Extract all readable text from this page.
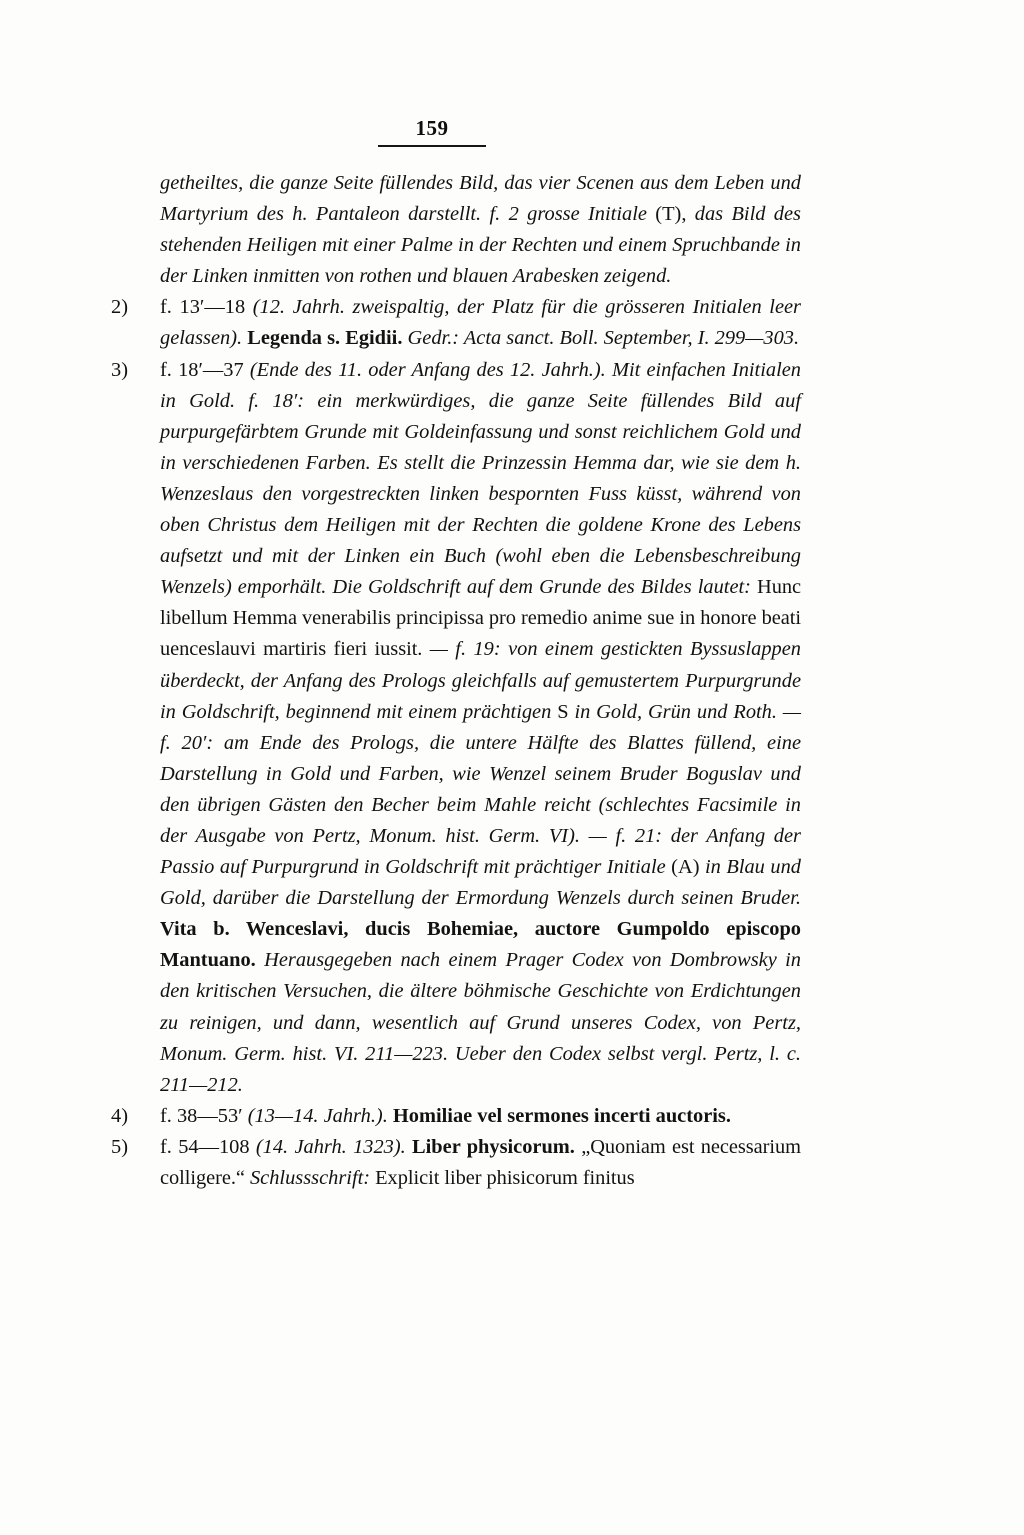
159

getheiltes, die ganze Seite füllendes Bild, das vier Scenen aus dem Leben und Martyrium des h. Pantaleon darstellt. f. 2 grosse Initiale (T), das Bild des stehenden Heiligen mit einer Palme in der Rechten und einem Spruchbande in der Linken inmitten von rothen und blauen Arabesken zeigend.

2)	f. 13′—18 (12. Jahrh. zweispaltig, der Platz für die grösseren Initialen leer gelassen). Legenda s. Egidii. Gedr.: Acta sanct. Boll. September, I. 299—303.

3)	f. 18′—37 (Ende des 11. oder Anfang des 12. Jahrh.). Mit einfachen Initialen in Gold. f. 18′: ein merkwürdiges, die ganze Seite füllendes Bild auf purpurgefärbtem Grunde mit Goldeinfassung und sonst reichlichem Gold und in verschiedenen Farben. Es stellt die Prinzessin Hemma dar, wie sie dem h. Wenzeslaus den vorgestreckten linken bespornten Fuss küsst, während von oben Christus dem Heiligen mit der Rechten die goldene Krone des Lebens aufsetzt und mit der Linken ein Buch (wohl eben die Lebensbeschreibung Wenzels) emporhält. Die Goldschrift auf dem Grunde des Bildes lautet: Hunc libellum Hemma venerabilis principissa pro remedio anime sue in honore beati uenceslauvi martiris fieri iussit. — f. 19: von einem gestickten Byssuslappen überdeckt, der Anfang des Prologs gleichfalls auf gemustertem Purpurgrunde in Goldschrift, beginnend mit einem prächtigen S in Gold, Grün und Roth. — f. 20′: am Ende des Prologs, die untere Hälfte des Blattes füllend, eine Darstellung in Gold und Farben, wie Wenzel seinem Bruder Boguslav und den übrigen Gästen den Becher beim Mahle reicht (schlechtes Facsimile in der Ausgabe von Pertz, Monum. hist. Germ. VI). — f. 21: der Anfang der Passio auf Purpurgrund in Goldschrift mit prächtiger Initiale (A) in Blau und Gold, darüber die Darstellung der Ermordung Wenzels durch seinen Bruder. Vita b. Wenceslavi, ducis Bohemiae, auctore Gumpoldo episcopo Mantuano. Herausgegeben nach einem Prager Codex von Dombrowsky in den kritischen Versuchen, die ältere böhmische Geschichte von Erdichtungen zu reinigen, und dann, wesentlich auf Grund unseres Codex, von Pertz, Monum. Germ. hist. VI. 211—223. Ueber den Codex selbst vergl. Pertz, l. c. 211—212.

4)	f. 38—53′ (13—14. Jahrh.). Homiliae vel sermones incerti auctoris.

5)	f. 54—108 (14. Jahrh. 1323). Liber physicorum. „Quoniam est necessarium colligere.“ Schlussschrift: Explicit liber phisicorum finitus
